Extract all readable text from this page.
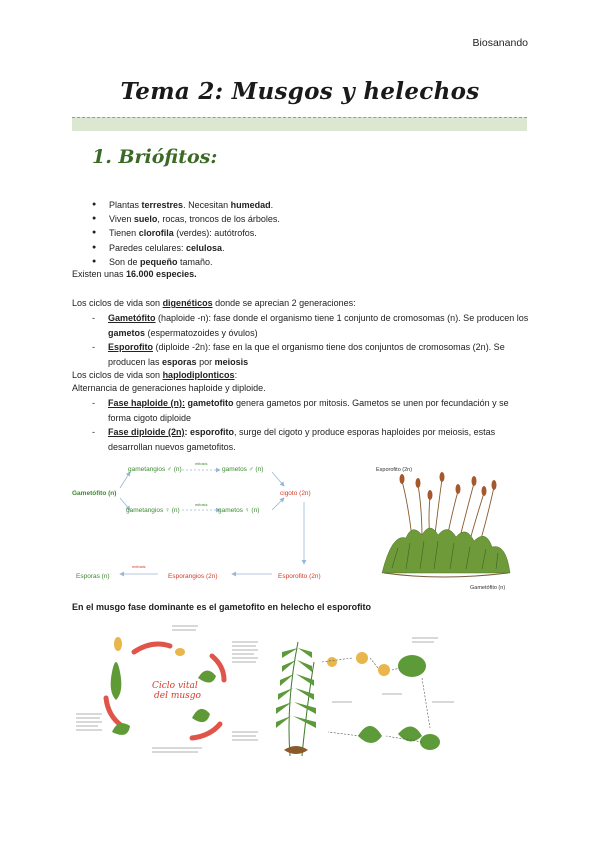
Biosanando
Tema 2: Musgos y helechos
1. Briófitos:
● Plantas terrestres. Necesitan humedad.
● Viven suelo, rocas, troncos de los árboles.
● Tienen clorofila (verdes): autótrofos.
● Paredes celulares: celulosa.
● Son de pequeño tamaño.
Existen unas 16.000 especies.
Los ciclos de vida son digenéticos donde se aprecian 2 generaciones:
-	Gametófito (haploide -n): fase donde el organismo tiene 1 conjunto de cromosomas (n). Se producen los gametos (espermatozoides y óvulos)
-	Esporofito (diploide -2n): fase en la que el organismo tiene dos conjuntos de cromosomas (2n). Se producen las esporas por meiosis
Los ciclos de vida son haplodiplonticos:
Alternancia de generaciones haploide y diploide.
-	Fase haploide (n): gametofito genera gametos por mitosis. Gametos se unen por fecundación y se forma cigoto diploide
-	Fase diploide (2n): esporofito, surge del cigoto y produce esporas haploides por meiosis, estas desarrollan nuevos gametofitos.
Gametófito (n)
gametangios ♂ (n)
gametangios ♀ (n)
mitosis
mitosis
gametos ♂ (n)
gametos ♀ (n)
cigoto (2n)
Esporofito (2n)
Esporangios (2n)
meiosis
Esporas (n)
Esporofito (2n)
Gametófito (n)
En el musgo fase dominante es el gametofito en helecho el esporofito
Ciclo vital
del musgo
